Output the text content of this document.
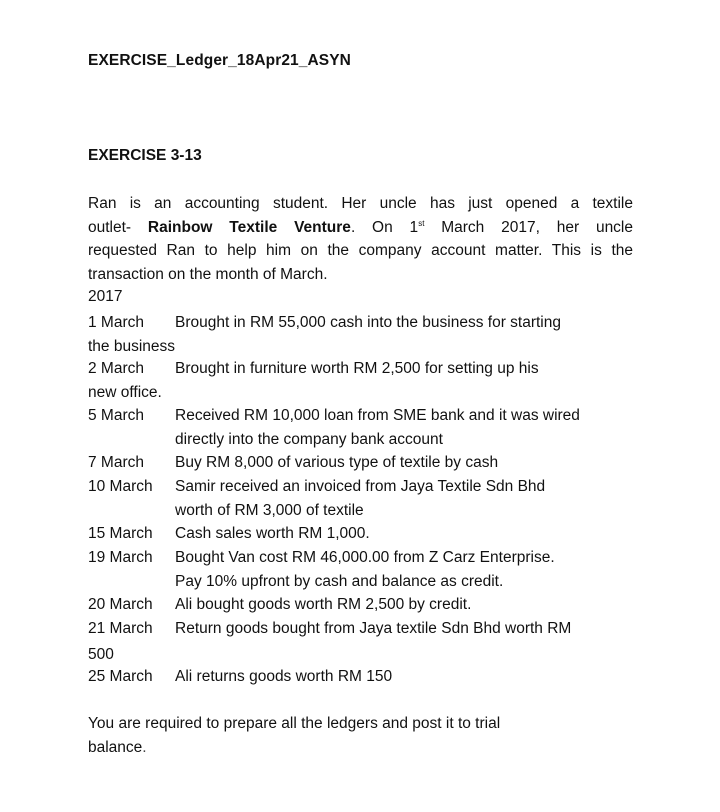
EXERCISE_Ledger_18Apr21_ASYN
EXERCISE 3-13
Ran is an accounting student. Her uncle has just opened a textile
outlet- Rainbow Textile Venture. On 1st March 2017, her uncle
requested Ran to help him on the company account matter. This is the
transaction on the month of March.
2017
1 March	Brought in RM 55,000 cash into the business for starting
the business
2 March	Brought in furniture worth RM 2,500 for setting up his
new office.
5 March	Received RM 10,000 loan from SME bank and it was wired
directly into the company bank account
7 March	Buy RM 8,000 of various type of textile by cash
10 March	Samir received an invoiced from Jaya Textile Sdn Bhd
worth of RM 3,000 of textile
15 March	Cash sales worth RM 1,000.
19 March	Bought Van cost RM 46,000.00 from Z Carz Enterprise.
Pay 10% upfront by cash and balance as credit.
20 March	Ali bought goods worth RM 2,500 by credit.
21 March	Return goods bought from Jaya textile Sdn Bhd worth RM
500
25 March	Ali returns goods worth RM 150
You are required to prepare all the ledgers and post it to trial
balance.
